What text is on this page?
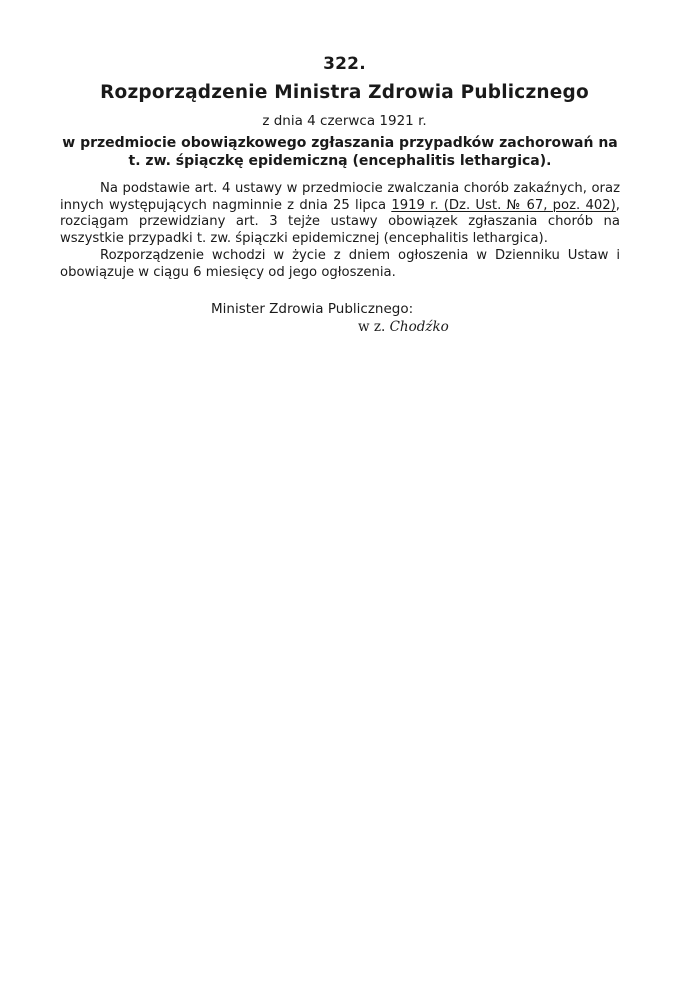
322.
Rozporządzenie Ministra Zdrowia Publicznego
z dnia 4 czerwca 1921 r.
w przedmiocie obowiązkowego zgłaszania przypadków zachorowań na t. zw. śpiączkę epidemiczną (encephalitis lethargica).

Na podstawie art. 4 ustawy w przedmiocie zwalczania chorób zakaźnych, oraz innych występujących nagminnie z dnia 25 lipca 1919 r. (Dz. Ust. № 67, poz. 402), rozciągam przewidziany art. 3 tejże ustawy obowiązek zgłaszania chorób na wszystkie przypadki t. zw. śpiączki epidemicznej (encephalitis lethargica).

Rozporządzenie wchodzi w życie z dniem ogłoszenia w Dzienniku Ustaw i obowiązuje w ciągu 6 miesięcy od jego ogłoszenia.

Minister Zdrowia Publicznego:
w z. Chodźko
